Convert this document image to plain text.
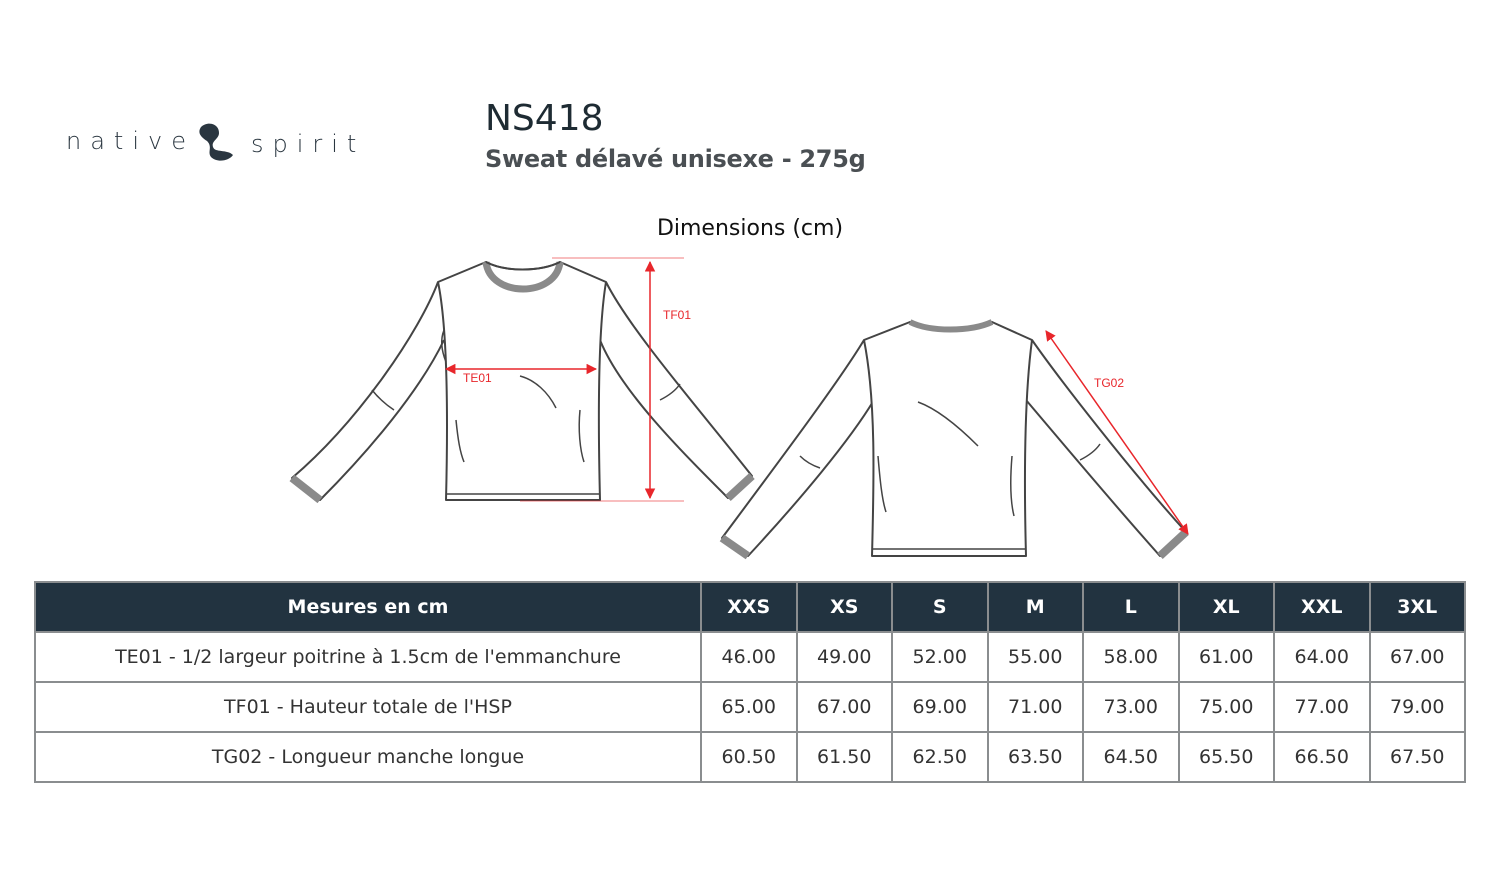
native spirit
NS418
Sweat délavé unisexe - 275g
Dimensions (cm)
TF01
TE01	TG02
Mesures en cm	XXS	XS	S	M	L	XL	XXL	3XL
TE01 - 1/2 largeur poitrine à 1.5cm de l'emmanchure	46.00	49.00	52.00	55.00	58.00	61.00	64.00	67.00
TF01 - Hauteur totale de l'HSP	65.00	67.00	69.00	71.00	73.00	75.00	77.00	79.00
TG02 - Longueur manche longue	60.50	61.50	62.50	63.50	64.50	65.50	66.50	67.50
